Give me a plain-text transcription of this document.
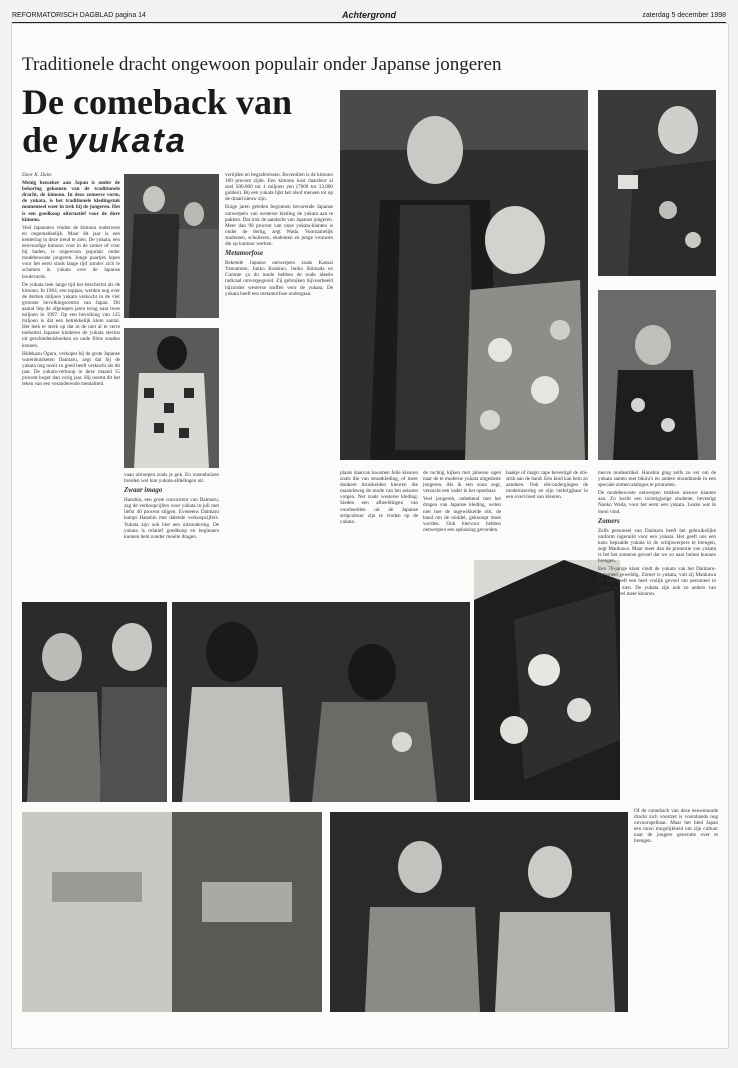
REFORMATORISCH DAGBLAD pagina 14	Achtergrond	zaterdag 5 december 1998
Traditionele dracht ongewoon populair onder Japanse jongeren
De comeback van
de yukata

Door K. Duits

Menig bezoeker aan Japan is onder de bekoring gekomen van de traditionele dracht, de kimono. In deze zomerse vorm, de yukata, is het traditionele kledingstuk momenteel weer in trek bij de jongeren. Het is een goedkoop alternatief voor de dure kimono.

Veel Japanners vinden de kimono ouderwets en ongemakkelijk. Maar dit jaar is een kentering in deze trend te zien. De yukata, een eenvoudige kimono voor in de zomer of voor bij baden, is ongewoon populair onder modebewuste jongeren. Jonge paartjes lopen voor het eerst sinds lange tijd zonder zich te schamen in yukata over de Japanse boulevards.

De yukata leek lange tijd het beschermt als de kimono. In 1964, een topjaar, werden nog over de dertien miljoen yukata verkocht in de vier grootste bevolkingscentra van Japan. Dit aantal liep de afgelopen jaren terug naar twee miljoen in 1997. Op een bevolking van 125 miljoen is dat een betrekkelijk klein aantal. Het leek er sterk op dat in de niet al te verre toekomst Japanse kinderen de yukata slechts uit geschiedenisboeken en oude films zouden kennen.

Hidekazu Ogura, verkoper bij de grote Japanse warenhuisketen Daimaru, zegt dat hij de yukata nog nooit zo goed heeft verkocht als dit jaar. De yukata-verkoop in deze maand 15 procent hoger dan vorig jaar. Hij noemt dit het teken van een veranderende mentaliteit.

vaan uitroepen zoals je gek. En warenhuizen breiden wel hun yukata-afdelingen uit.

Zwaar imago

Hanshin, een grote concurrent van Daimaru, zag de verkoopcijfers voor yukata in juli met liefst 40 procent stijgen. Eveneens Daimaru kampt Hanshin met dalende verkoopcijfers. Yukata zijn ook hier een uitzondering. De yukata is relatief goedkoop en beginners kunnen hem zonder moeite dragen.

vertijden en begrafenissen. Bovendien is de kimono 100 procent zijde. Een kimono kost daardoor al snel 500.000 tot 1 miljoen yen (7000 tot 13.000 gulden). Bij een yukata lijkt het alsof mensen tot op de draad nieuw zijn.

Enige jaren geleden begonnen bevorende Japanse ontwerpers van westerse kleding de yukata aan te pakken. Dat trok de aandacht van Japanse jongeren. Meer dan 90 procent van onze yukata-klanten is onder de dertig, zegt Wada. Voornamelijk studenten, scholieren, studenten en jonge vrouwen die op kantoor werken.

Metamorfose

Bekende Japanse ontwerpers zoals Kansai Yamamoto, Junko Koshino, Junko Shimada en Comme ça du mode hebben de oude ideeën radicaal omvergegooid. Zij gebruiken bijvoorbeeld bijzonder westerse stoffen voor de yukata. De yukata heeft een metamorfose ondergaan.

plaats daarvan kwamen felle kleuren zoals die van straatkleding, of meer donkere bruiskeiden kleuren die maandsweg de mode van het seizoen volgen. Net zoals westerse kleding. Sieden een afbeeldingen van voorbeelden uit de Japanse stripcultuur zijn te vinden op de yukata.

de tochtig kijken met jaloerse ogen naar de te moderne yukata uitgedoste jongeren. Als ik een zoon zegt, verzucht een vader in het openbaar.

Veel jongeren, onbekend met het dragen van Japanse kleding, weten niet hoe de ingewikkelde obi, de band om de middel, geknoopt moet worden. Ook hiervoor hebben ontwerpers een oplossing gevonden.

haakje of magic tape bevestigd de obi-strik aan de band. Een kind kan hem zo aandoen. Ook obi-ondergingen de modernisering en zijn verkrijgbaar in een overvloed van kleuren.

merve modeartikel. Hanshin ging zelfs zo ver om de yukata samen met bikini's en andere strandmode in een speciale zomercatalogus te promoten.

De modebewuste ontwerpen trekken nieuwe klanten aan. Zo kocht een twintigjarige studente, bevestigt Naoko Wada, voor het eerst een yukata. Leuke wat ik mooi vind.

Zomers

Zelfs personeel van Daimaru heeft het gebruikelijke uniform ingeruild voor een yukata. Het geeft ons een kans bepaalde yukata in de schijnwerpers te brengen, zegt Mankawa. Maar meer dan de promotie van yukata is het het zomerse gevoel dat we zo naar buiten kunnen brengen.

Een 70-jarige klant vindt de yukata van het Daimaru-personeel geweldig. Zomer is yukata, vult zij Mankawa bij. Het geeft een heel vrolijk gevoel om personeel in yukata te zien. De yukata zijn ook zo anders van vroeger. Veel meer kleuren.

Of de comeback van deze eeuwenoude dracht zich voortzet is voorshands nog onvoorspelbaar. Maar het bied Japan een mooi mogelijkheid om zijn cultuur naar de jongere generatie over te brengen.
